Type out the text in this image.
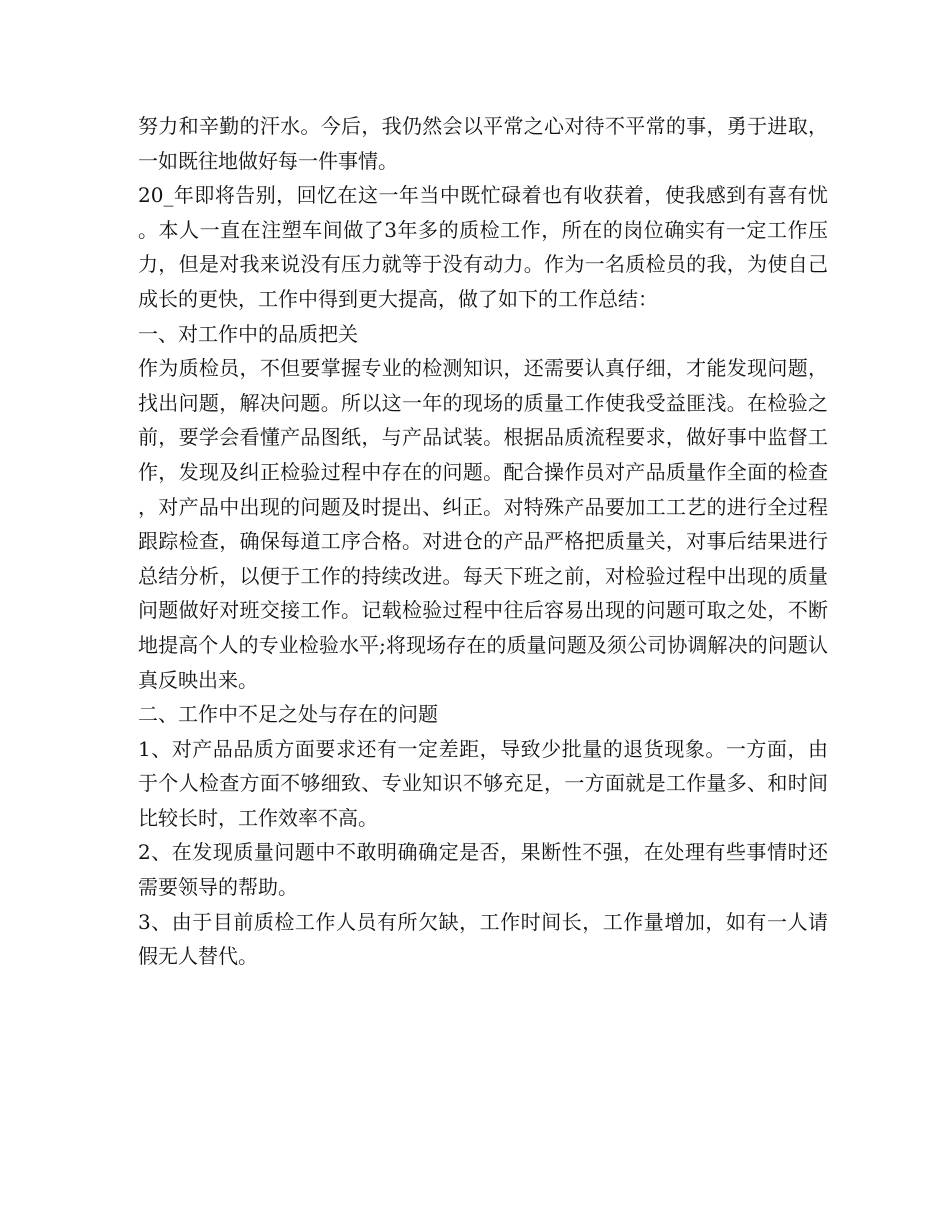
努力和辛勤的汗水。今后，我仍然会以平常之心对待不平常的事，勇于进取，一如既往地做好每一件事情。

20_年即将告别，回忆在这一年当中既忙碌着也有收获着，使我感到有喜有忧。本人一直在注塑车间做了3年多的质检工作，所在的岗位确实有一定工作压力，但是对我来说没有压力就等于没有动力。作为一名质检员的我，为使自己成长的更快，工作中得到更大提高，做了如下的工作总结：

一、对工作中的品质把关

作为质检员，不但要掌握专业的检测知识，还需要认真仔细，才能发现问题，找出问题，解决问题。所以这一年的现场的质量工作使我受益匪浅。在检验之前，要学会看懂产品图纸，与产品试装。根据品质流程要求，做好事中监督工作，发现及纠正检验过程中存在的问题。配合操作员对产品质量作全面的检查，对产品中出现的问题及时提出、纠正。对特殊产品要加工工艺的进行全过程跟踪检查，确保每道工序合格。对进仓的产品严格把质量关，对事后结果进行总结分析，以便于工作的持续改进。每天下班之前，对检验过程中出现的质量问题做好对班交接工作。记载检验过程中往后容易出现的问题可取之处，不断地提高个人的专业检验水平;将现场存在的质量问题及须公司协调解决的问题认真反映出来。

二、工作中不足之处与存在的问题

1、对产品品质方面要求还有一定差距，导致少批量的退货现象。一方面，由于个人检查方面不够细致、专业知识不够充足，一方面就是工作量多、和时间比较长时，工作效率不高。

2、在发现质量问题中不敢明确确定是否，果断性不强，在处理有些事情时还需要领导的帮助。

3、由于目前质检工作人员有所欠缺，工作时间长，工作量增加，如有一人请假无人替代。
